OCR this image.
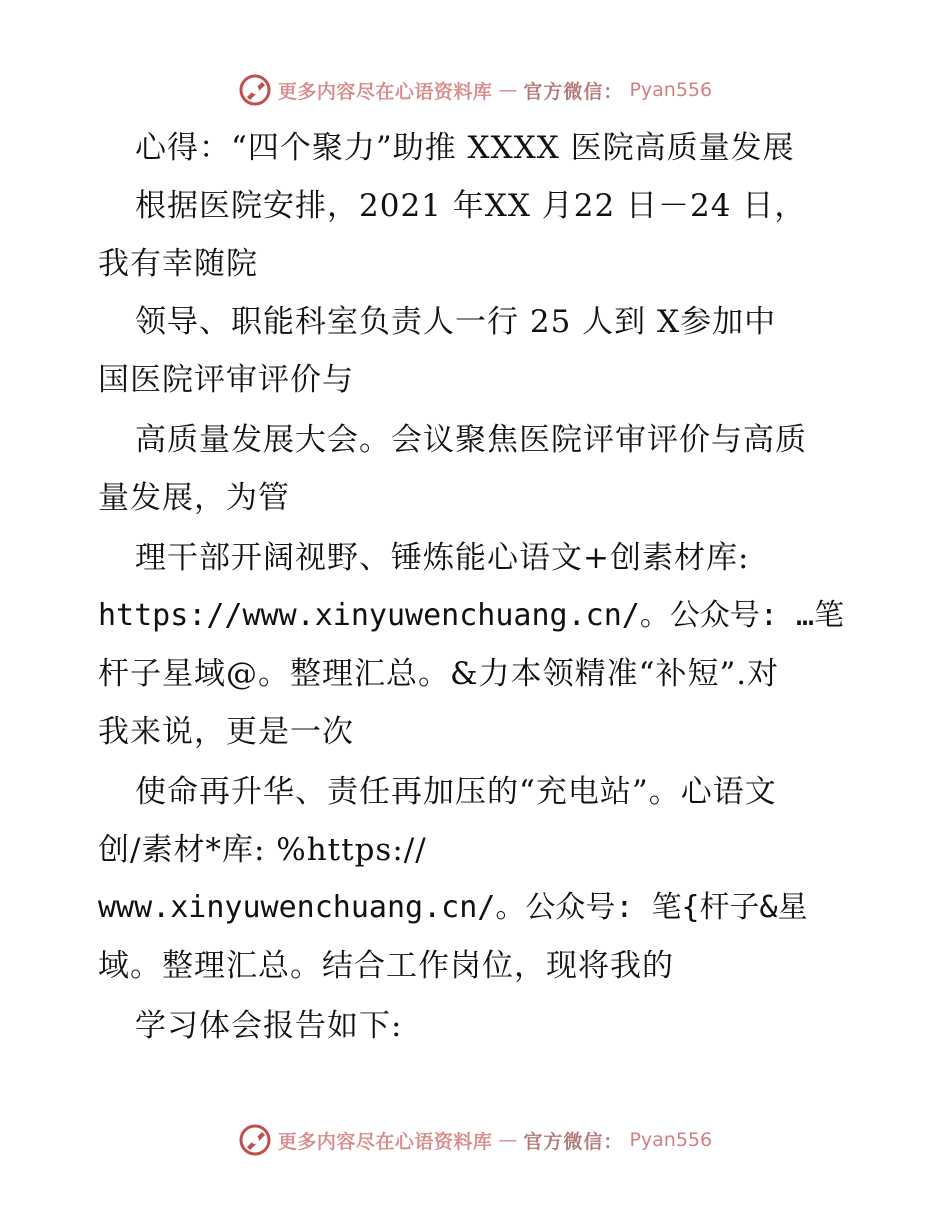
更多内容尽在心语资料库 — 官方微信： Pyan556
心得：“四个聚力”助推 XXXX 医院高质量发展
根据医院安排，2021 年XX 月22 日－24 日，
我有幸随院
领导、职能科室负责人一行 25 人到 X参加中
国医院评审评价与
高质量发展大会。会议聚焦医院评审评价与高质
量发展，为管
理干部开阔视野、锤炼能心语文+创素材库:
https://www.xinyuwenchuang.cn/。公众号: …笔
杆子星域@。整理汇总。&力本领精准“补短”.对
我来说，更是一次
使命再升华、责任再加压的“充电站”。心语文
创/素材*库: %https://
www.xinyuwenchuang.cn/。公众号: 笔{杆子&星
域。整理汇总。结合工作岗位，现将我的
学习体会报告如下:
更多内容尽在心语资料库 — 官方微信： Pyan556
